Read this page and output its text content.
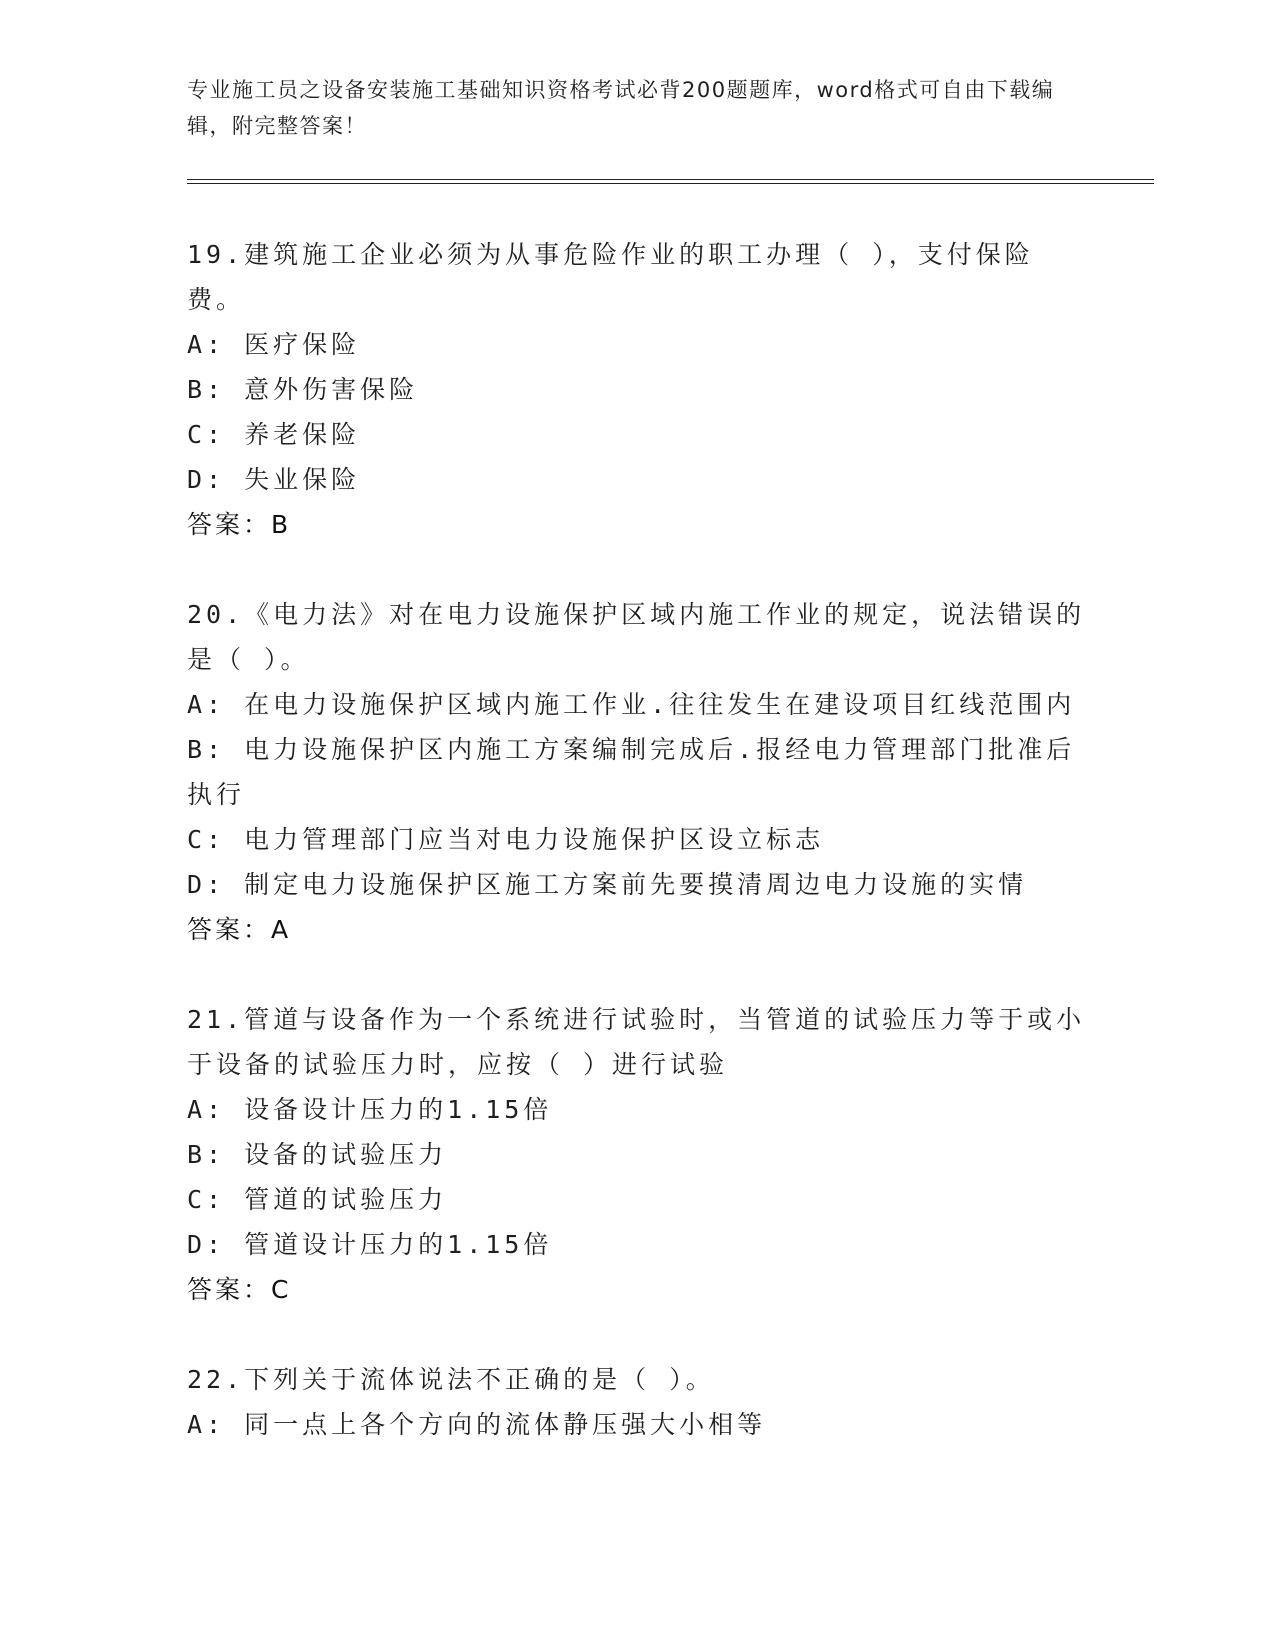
专业施工员之设备安装施工基础知识资格考试必背200题题库，word格式可自由下载编辑，附完整答案！
19.建筑施工企业必须为从事危险作业的职工办理（ ），支付保险费。
A: 医疗保险
B: 意外伤害保险
C: 养老保险
D: 失业保险
答案：B
20.《电力法》对在电力设施保护区域内施工作业的规定，说法错误的是（ ）。
A: 在电力设施保护区域内施工作业.往往发生在建设项目红线范围内
B: 电力设施保护区内施工方案编制完成后.报经电力管理部门批准后执行
C: 电力管理部门应当对电力设施保护区设立标志
D: 制定电力设施保护区施工方案前先要摸清周边电力设施的实情
答案：A
21.管道与设备作为一个系统进行试验时，当管道的试验压力等于或小于设备的试验压力时，应按（ ）进行试验
A: 设备设计压力的1.15倍
B: 设备的试验压力
C: 管道的试验压力
D: 管道设计压力的1.15倍
答案：C
22.下列关于流体说法不正确的是（ ）。
A: 同一点上各个方向的流体静压强大小相等
